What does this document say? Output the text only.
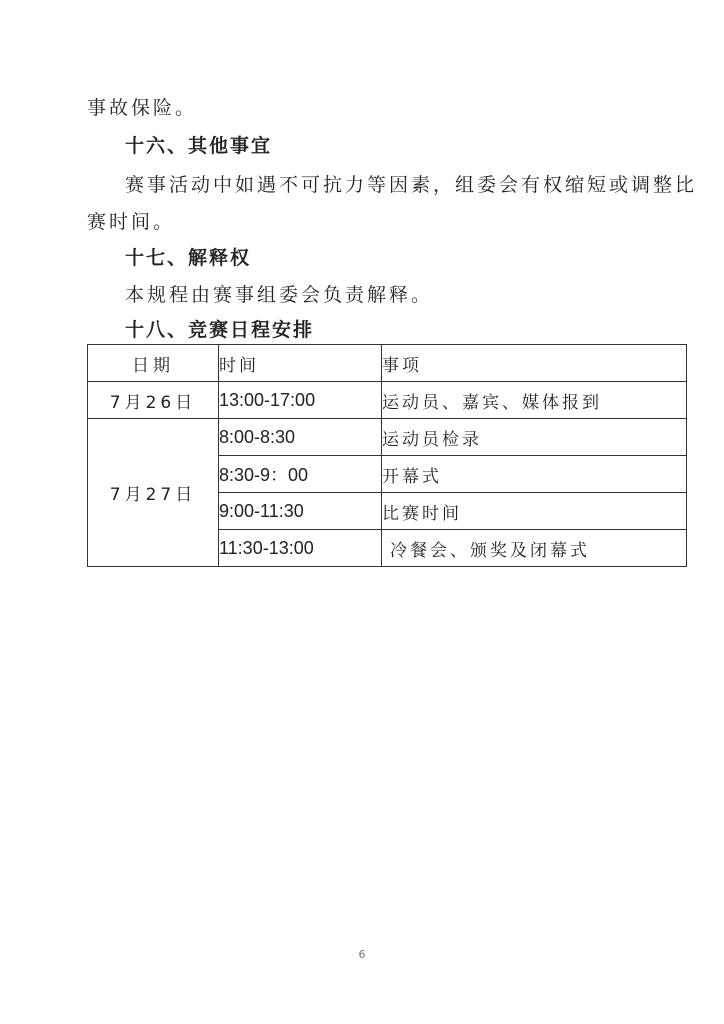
事故保险。
十六、其他事宜
赛事活动中如遇不可抗力等因素，组委会有权缩短或调整比
赛时间。
十七、解释权
本规程由赛事组委会负责解释。
十八、竞赛日程安排
日期	时间	事项
7月26日	13:00-17:00	运动员、嘉宾、媒体报到
7月27日	8:00-8:30	运动员检录
	8:30-9：00	开幕式
	9:00-11:30	比赛时间
	11:30-13:00	冷餐会、颁奖及闭幕式
6
